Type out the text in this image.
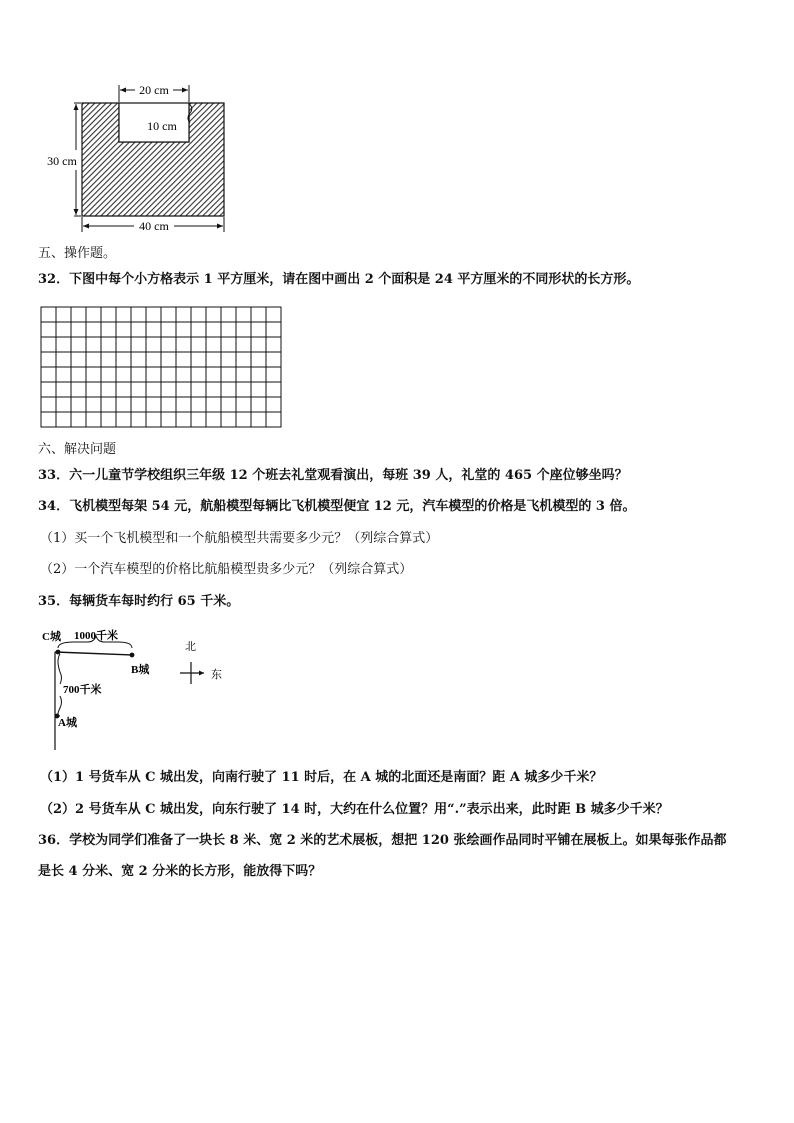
20 cm
10 cm
30 cm
40 cm
五、操作题。
32．下图中每个小方格表示 1 平方厘米，请在图中画出 2 个面积是 24 平方厘米的不同形状的长方形。
六、解决问题
33．六一儿童节学校组织三年级 12 个班去礼堂观看演出，每班 39 人，礼堂的 465 个座位够坐吗？
34．飞机模型每架 54 元，航船模型每辆比飞机模型便宜 12 元，汽车模型的价格是飞机模型的 3 倍。
（1）买一个飞机模型和一个航船模型共需要多少元？（列综合算式）
（2）一个汽车模型的价格比航船模型贵多少元？（列综合算式）
35．每辆货车每时约行 65 千米。
C城 1000千米
B城
700千米
A城
北
东
（1）1 号货车从 C 城出发，向南行驶了 11 时后，在 A 城的北面还是南面？距 A 城多少千米？
（2）2 号货车从 C 城出发，向东行驶了 14 时，大约在什么位置？用“.”表示出来，此时距 B 城多少千米？
36．学校为同学们准备了一块长 8 米、宽 2 米的艺术展板，想把 120 张绘画作品同时平铺在展板上。如果每张作品都
是长 4 分米、宽 2 分米的长方形，能放得下吗？
